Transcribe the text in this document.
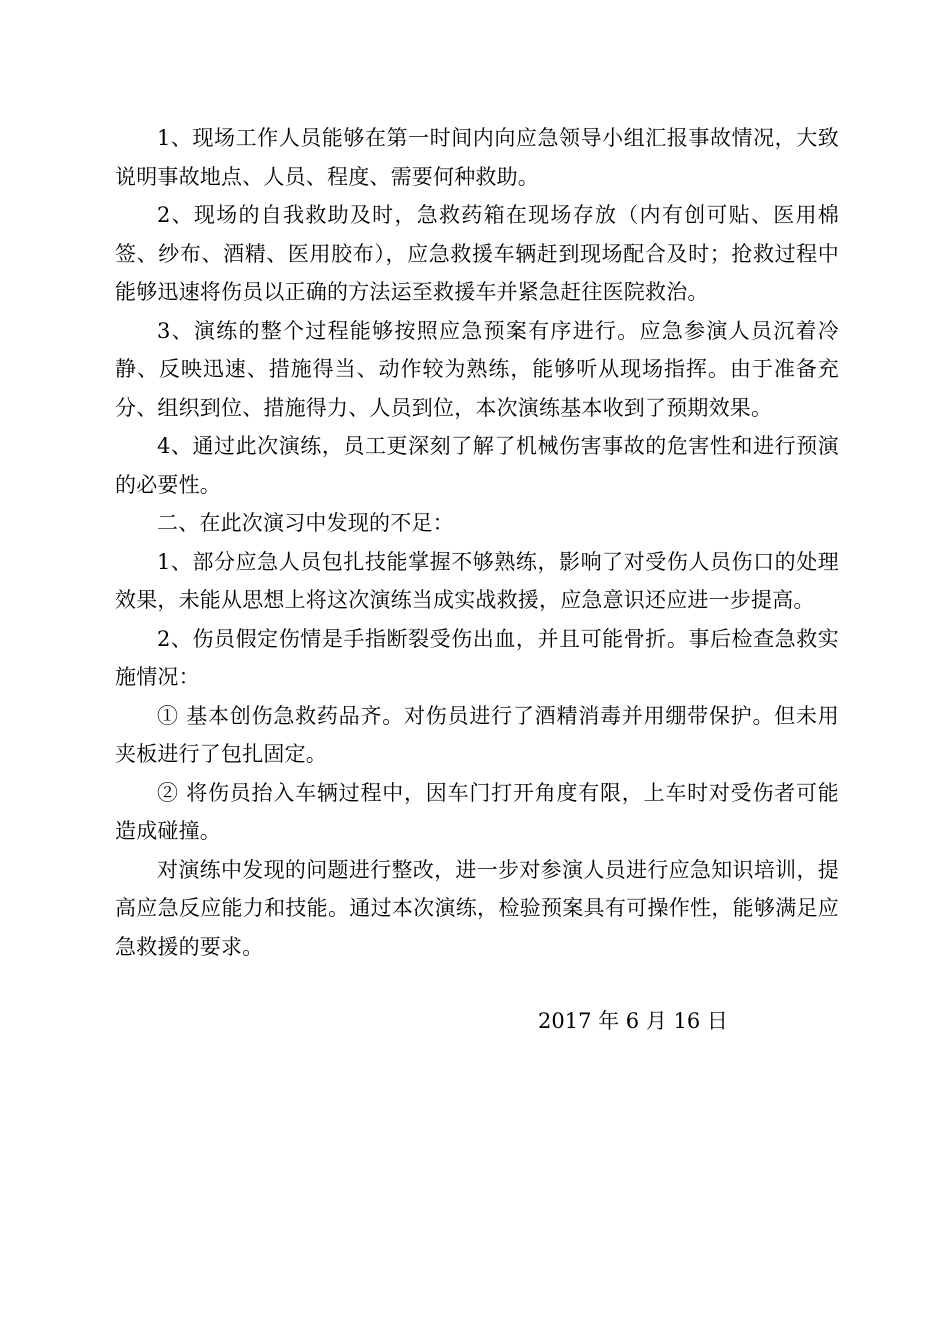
1、现场工作人员能够在第一时间内向应急领导小组汇报事故情况，大致说明事故地点、人员、程度、需要何种救助。

2、现场的自我救助及时，急救药箱在现场存放（内有创可贴、医用棉签、纱布、酒精、医用胶布），应急救援车辆赶到现场配合及时；抢救过程中能够迅速将伤员以正确的方法运至救援车并紧急赶往医院救治。

3、演练的整个过程能够按照应急预案有序进行。应急参演人员沉着冷静、反映迅速、措施得当、动作较为熟练，能够听从现场指挥。由于准备充分、组织到位、措施得力、人员到位，本次演练基本收到了预期效果。

4、通过此次演练，员工更深刻了解了机械伤害事故的危害性和进行预演的必要性。

二、在此次演习中发现的不足：

1、部分应急人员包扎技能掌握不够熟练，影响了对受伤人员伤口的处理效果，未能从思想上将这次演练当成实战救援，应急意识还应进一步提高。

2、伤员假定伤情是手指断裂受伤出血，并且可能骨折。事后检查急救实施情况：

① 基本创伤急救药品齐。对伤员进行了酒精消毒并用绷带保护。但未用夹板进行了包扎固定。

② 将伤员抬入车辆过程中，因车门打开角度有限，上车时对受伤者可能造成碰撞。

对演练中发现的问题进行整改，进一步对参演人员进行应急知识培训，提高应急反应能力和技能。通过本次演练，检验预案具有可操作性，能够满足应急救援的要求。

2017 年 6 月 16 日
